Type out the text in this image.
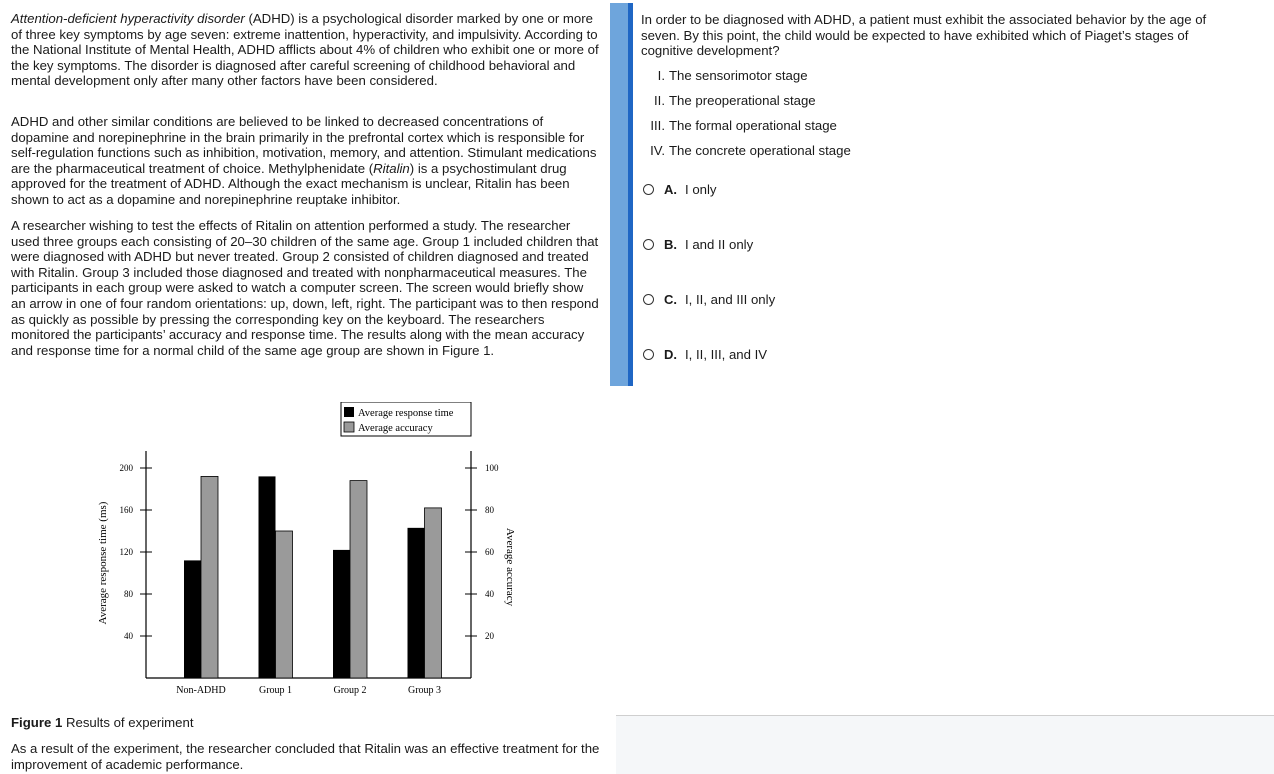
Attention-deficient hyperactivity disorder (ADHD) is a psychological disorder marked by one or more of three key symptoms by age seven: extreme inattention, hyperactivity, and impulsivity. According to the National Institute of Mental Health, ADHD afflicts about 4% of children who exhibit one or more of the key symptoms. The disorder is diagnosed after careful screening of childhood behavioral and mental development only after many other factors have been considered.

ADHD and other similar conditions are believed to be linked to decreased concentrations of dopamine and norepinephrine in the brain primarily in the prefrontal cortex which is responsible for self-regulation functions such as inhibition, motivation, memory, and attention. Stimulant medications are the pharmaceutical treatment of choice. Methylphenidate (Ritalin) is a psychostimulant drug approved for the treatment of ADHD. Although the exact mechanism is unclear, Ritalin has been shown to act as a dopamine and norepinephrine reuptake inhibitor.

A researcher wishing to test the effects of Ritalin on attention performed a study. The researcher used three groups each consisting of 20–30 children of the same age. Group 1 included children that were diagnosed with ADHD but never treated. Group 2 consisted of children diagnosed and treated with Ritalin. Group 3 included those diagnosed and treated with nonpharmaceutical measures. The participants in each group were asked to watch a computer screen. The screen would briefly show an arrow in one of four random orientations: up, down, left, right. The participant was to then respond as quickly as possible by pressing the corresponding key on the keyboard. The researchers monitored the participants’ accuracy and response time. The results along with the mean accuracy and response time for a normal child of the same age group are shown in Figure 1.

Average response time
Average accuracy
Non-ADHD	Group 1	Group 2	Group 3
40
80
120
160
200
20
40
60
80
100
Average response time (ms)	Average accuracy
Figure 1 Results of experiment

As a result of the experiment, the researcher concluded that Ritalin was an effective treatment for the improvement of academic performance.

In order to be diagnosed with ADHD, a patient must exhibit the associated behavior by the age of seven. By this point, the child would be expected to have exhibited which of Piaget’s stages of cognitive development?
I. The sensorimotor stage
II. The preoperational stage
III. The formal operational stage
IV. The concrete operational stage
A. I only
B. I and II only
C. I, II, and III only
D. I, II, III, and IV
